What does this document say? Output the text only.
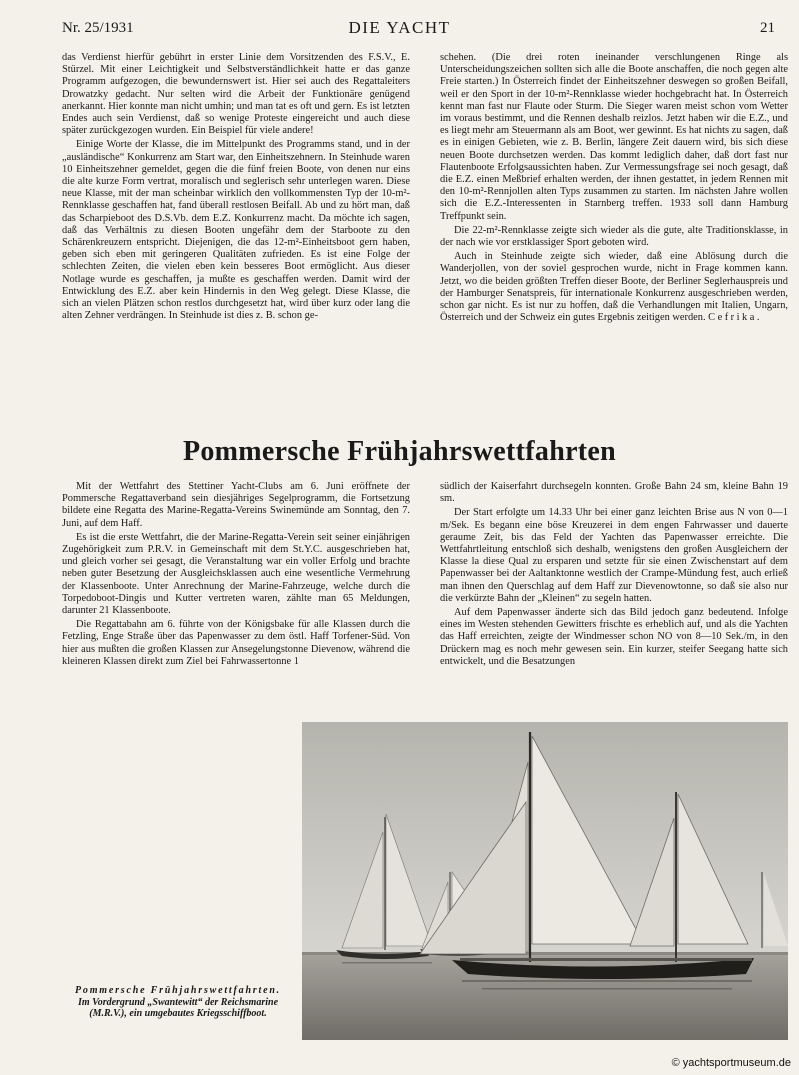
Nr. 25/1931	DIE YACHT	21

das Verdienst hierfür gebührt in erster Linie dem Vorsitzenden des F.S.V., E. Stürzel. Mit einer Leichtigkeit und Selbstverständlichkeit hatte er das ganze Programm aufgezogen, die bewundernswert ist. Hier sei auch des Regattaleiters Drowatzky gedacht. Nur selten wird die Arbeit der Funktionäre genügend anerkannt. Hier konnte man nicht umhin; und man tat es oft und gern. Es ist letzten Endes auch sein Verdienst, daß so wenige Proteste eingereicht und auch diese später zurückgezogen wurden. Ein Beispiel für viele andere!

Einige Worte der Klasse, die im Mittelpunkt des Programms stand, und in der „ausländische“ Konkurrenz am Start war, den Einheitszehnern. In Steinhude waren 10 Einheitszehner gemeldet, gegen die die fünf freien Boote, von denen nur eins die alte kurze Form vertrat, moralisch und seglerisch sehr unterlegen waren. Diese neue Klasse, mit der man scheinbar wirklich den vollkommensten Typ der 10-m²-Rennklasse geschaffen hat, fand überall restlosen Beifall. Ab und zu hört man, daß das Scharpieboot des D.S.Vb. dem E.Z. Konkurrenz macht. Da möchte ich sagen, daß das Verhältnis zu diesen Booten ungefähr dem der Starboote zu den Schärenkreuzern entspricht. Diejenigen, die das 12-m²-Einheitsboot gern haben, geben sich eben mit geringeren Qualitäten zufrieden. Es ist eine Folge der schlechten Zeiten, die vielen eben kein besseres Boot ermöglicht. Aus dieser Notlage wurde es geschaffen, ja mußte es geschaffen werden. Damit wird der Entwicklung des E.Z. aber kein Hindernis in den Weg gelegt. Diese Klasse, die sich an vielen Plätzen schon restlos durchgesetzt hat, wird über kurz oder lang die alten Zehner verdrängen. In Steinhude ist dies z. B. schon ge-

schehen. (Die drei roten ineinander verschlungenen Ringe als Unterscheidungszeichen sollten sich alle die Boote anschaffen, die noch gegen alte Freie starten.) In Österreich findet der Einheitszehner deswegen so großen Beifall, weil er den Sport in der 10-m²-Rennklasse wieder hochgebracht hat. In Österreich kennt man fast nur Flaute oder Sturm. Die Sieger waren meist schon vom Wetter im voraus bestimmt, und die Rennen deshalb reizlos. Jetzt haben wir die E.Z., und es liegt mehr am Steuermann als am Boot, wer gewinnt. Es hat nichts zu sagen, daß es in einigen Gebieten, wie z. B. Berlin, längere Zeit dauern wird, bis sich diese neuen Boote durchsetzen werden. Das kommt lediglich daher, daß dort fast nur Flautenboote Erfolgsaussichten haben. Zur Vermessungsfrage sei noch gesagt, daß die E.Z. einen Meßbrief erhalten werden, der ihnen gestattet, in jedem Rennen mit den 10-m²-Rennjollen alten Typs zusammen zu starten. Im nächsten Jahre wollen sich die E.Z.-Interessenten in Starnberg treffen. 1933 soll dann Hamburg Treffpunkt sein.

Die 22-m²-Rennklasse zeigte sich wieder als die gute, alte Traditionsklasse, in der nach wie vor erstklassiger Sport geboten wird.

Auch in Steinhude zeigte sich wieder, daß eine Ablösung durch die Wanderjollen, von der soviel gesprochen wurde, nicht in Frage kommen kann. Jetzt, wo die beiden größten Treffen dieser Boote, der Berliner Seglerhauspreis und der Hamburger Senatspreis, für internationale Konkurrenz ausgeschrieben werden, schon gar nicht. Es ist nur zu hoffen, daß die Verhandlungen mit Italien, Ungarn, Österreich und der Schweiz ein gutes Ergebnis zeitigen werden. Cefrika.

Pommersche Frühjahrswettfahrten

Mit der Wettfahrt des Stettiner Yacht-Clubs am 6. Juni eröffnete der Pommersche Regattaverband sein diesjähriges Segelprogramm, die Fortsetzung bildete eine Regatta des Marine-Regatta-Vereins Swinemünde am Sonntag, den 7. Juni, auf dem Haff.

Es ist die erste Wettfahrt, die der Marine-Regatta-Verein seit seiner einjährigen Zugehörigkeit zum P.R.V. in Gemeinschaft mit dem St.Y.C. ausgeschrieben hat, und gleich vorher sei gesagt, die Veranstaltung war ein voller Erfolg und brachte neben guter Besetzung der Ausgleichsklassen auch eine wesentliche Vermehrung der Klassenboote. Unter Anrechnung der Marine-Fahrzeuge, welche durch die Torpedoboot-Dingis und Kutter vertreten waren, zählte man 65 Meldungen, darunter 21 Klassenboote.

Die Regattabahn am 6. führte von der Königsbake für alle Klassen durch die Fetzling, Enge Straße über das Papenwasser zu dem östl. Haff Torfener-Süd. Von hier aus mußten die großen Klassen zur Ansegelungstonne Dievenow, während die kleineren Klassen direkt zum Ziel bei Fahrwassertonne 1

südlich der Kaiserfahrt durchsegeln konnten. Große Bahn 24 sm, kleine Bahn 19 sm.

Der Start erfolgte um 14.33 Uhr bei einer ganz leichten Brise aus N von 0—1 m/Sek. Es begann eine böse Kreuzerei in dem engen Fahrwasser und dauerte geraume Zeit, bis das Feld der Yachten das Papenwasser erreichte. Die Wettfahrtleitung entschloß sich deshalb, wenigstens den großen Ausgleichern der Klasse la diese Qual zu ersparen und setzte für sie einen Zwischenstart auf dem Papenwasser bei der Aaltanktonne westlich der Crampe-Mündung fest, auch erließ man ihnen den Querschlag auf dem Haff zur Dievenowtonne, so daß sie also nur die verkürzte Bahn der „Kleinen“ zu segeln hatten.

Auf dem Papenwasser änderte sich das Bild jedoch ganz bedeutend. Infolge eines im Westen stehenden Gewitters frischte es erheblich auf, und als die Yachten das Haff erreichten, zeigte der Windmesser schon NO von 8—10 Sek./m, in den Drückern mag es noch mehr gewesen sein. Ein kurzer, steifer Seegang hatte sich entwickelt, und die Besatzungen

Pommersche Frühjahrswettfahrten.
Im Vordergrund „Swantewitt“ der Reichsmarine (M.R.V.), ein umgebautes Kriegsschiffboot.
© yachtsportmuseum.de
